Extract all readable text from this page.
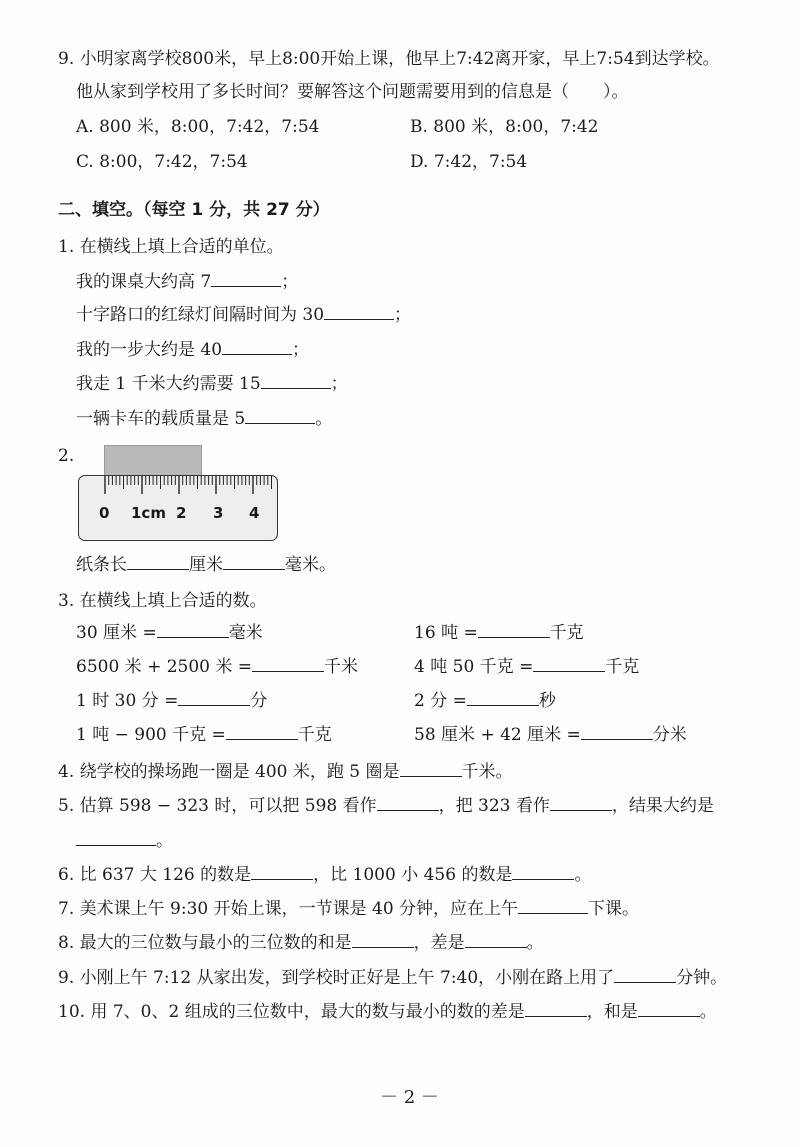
9. 小明家离学校800米，早上8:00开始上课，他早上7:42离开家，早上7:54到达学校。
他从家到学校用了多长时间？要解答这个问题需要用到的信息是（ ）。
A. 800 米，8:00，7:42，7:54	B. 800 米，8:00，7:42
C. 8:00，7:42，7:54	D. 7:42，7:54
二、填空。（每空 1 分，共 27 分）
1. 在横线上填上合适的单位。
我的课桌大约高 7	；
十字路口的红绿灯间隔时间为 30	；
我的一步大约是 40	；
我走 1 千米大约需要 15	；
一辆卡车的载质量是 5	。
2.
0 1cm 2 3 4
纸条长	厘米	毫米。
3. 在横线上填上合适的数。
30 厘米 =	毫米	16 吨 =	千克
6500 米 + 2500 米 =	千米	4 吨 50 千克 =	千克
1 时 30 分 =	分	2 分 =	秒
1 吨 − 900 千克 =	千克	58 厘米 + 42 厘米 =	分米
4. 绕学校的操场跑一圈是 400 米，跑 5 圈是	千米。
5. 估算 598 − 323 时，可以把 598 看作	，把 323 看作	，结果大约是
。
6. 比 637 大 126 的数是	，比 1000 小 456 的数是	。
7. 美术课上午 9:30 开始上课，一节课是 40 分钟，应在上午	下课。
8. 最大的三位数与最小的三位数的和是	，差是	。
9. 小刚上午 7:12 从家出发，到学校时正好是上午 7:40，小刚在路上用了	分钟。
10. 用 7、0、2 组成的三位数中，最大的数与最小的数的差是	，和是	。
－ 2 －
